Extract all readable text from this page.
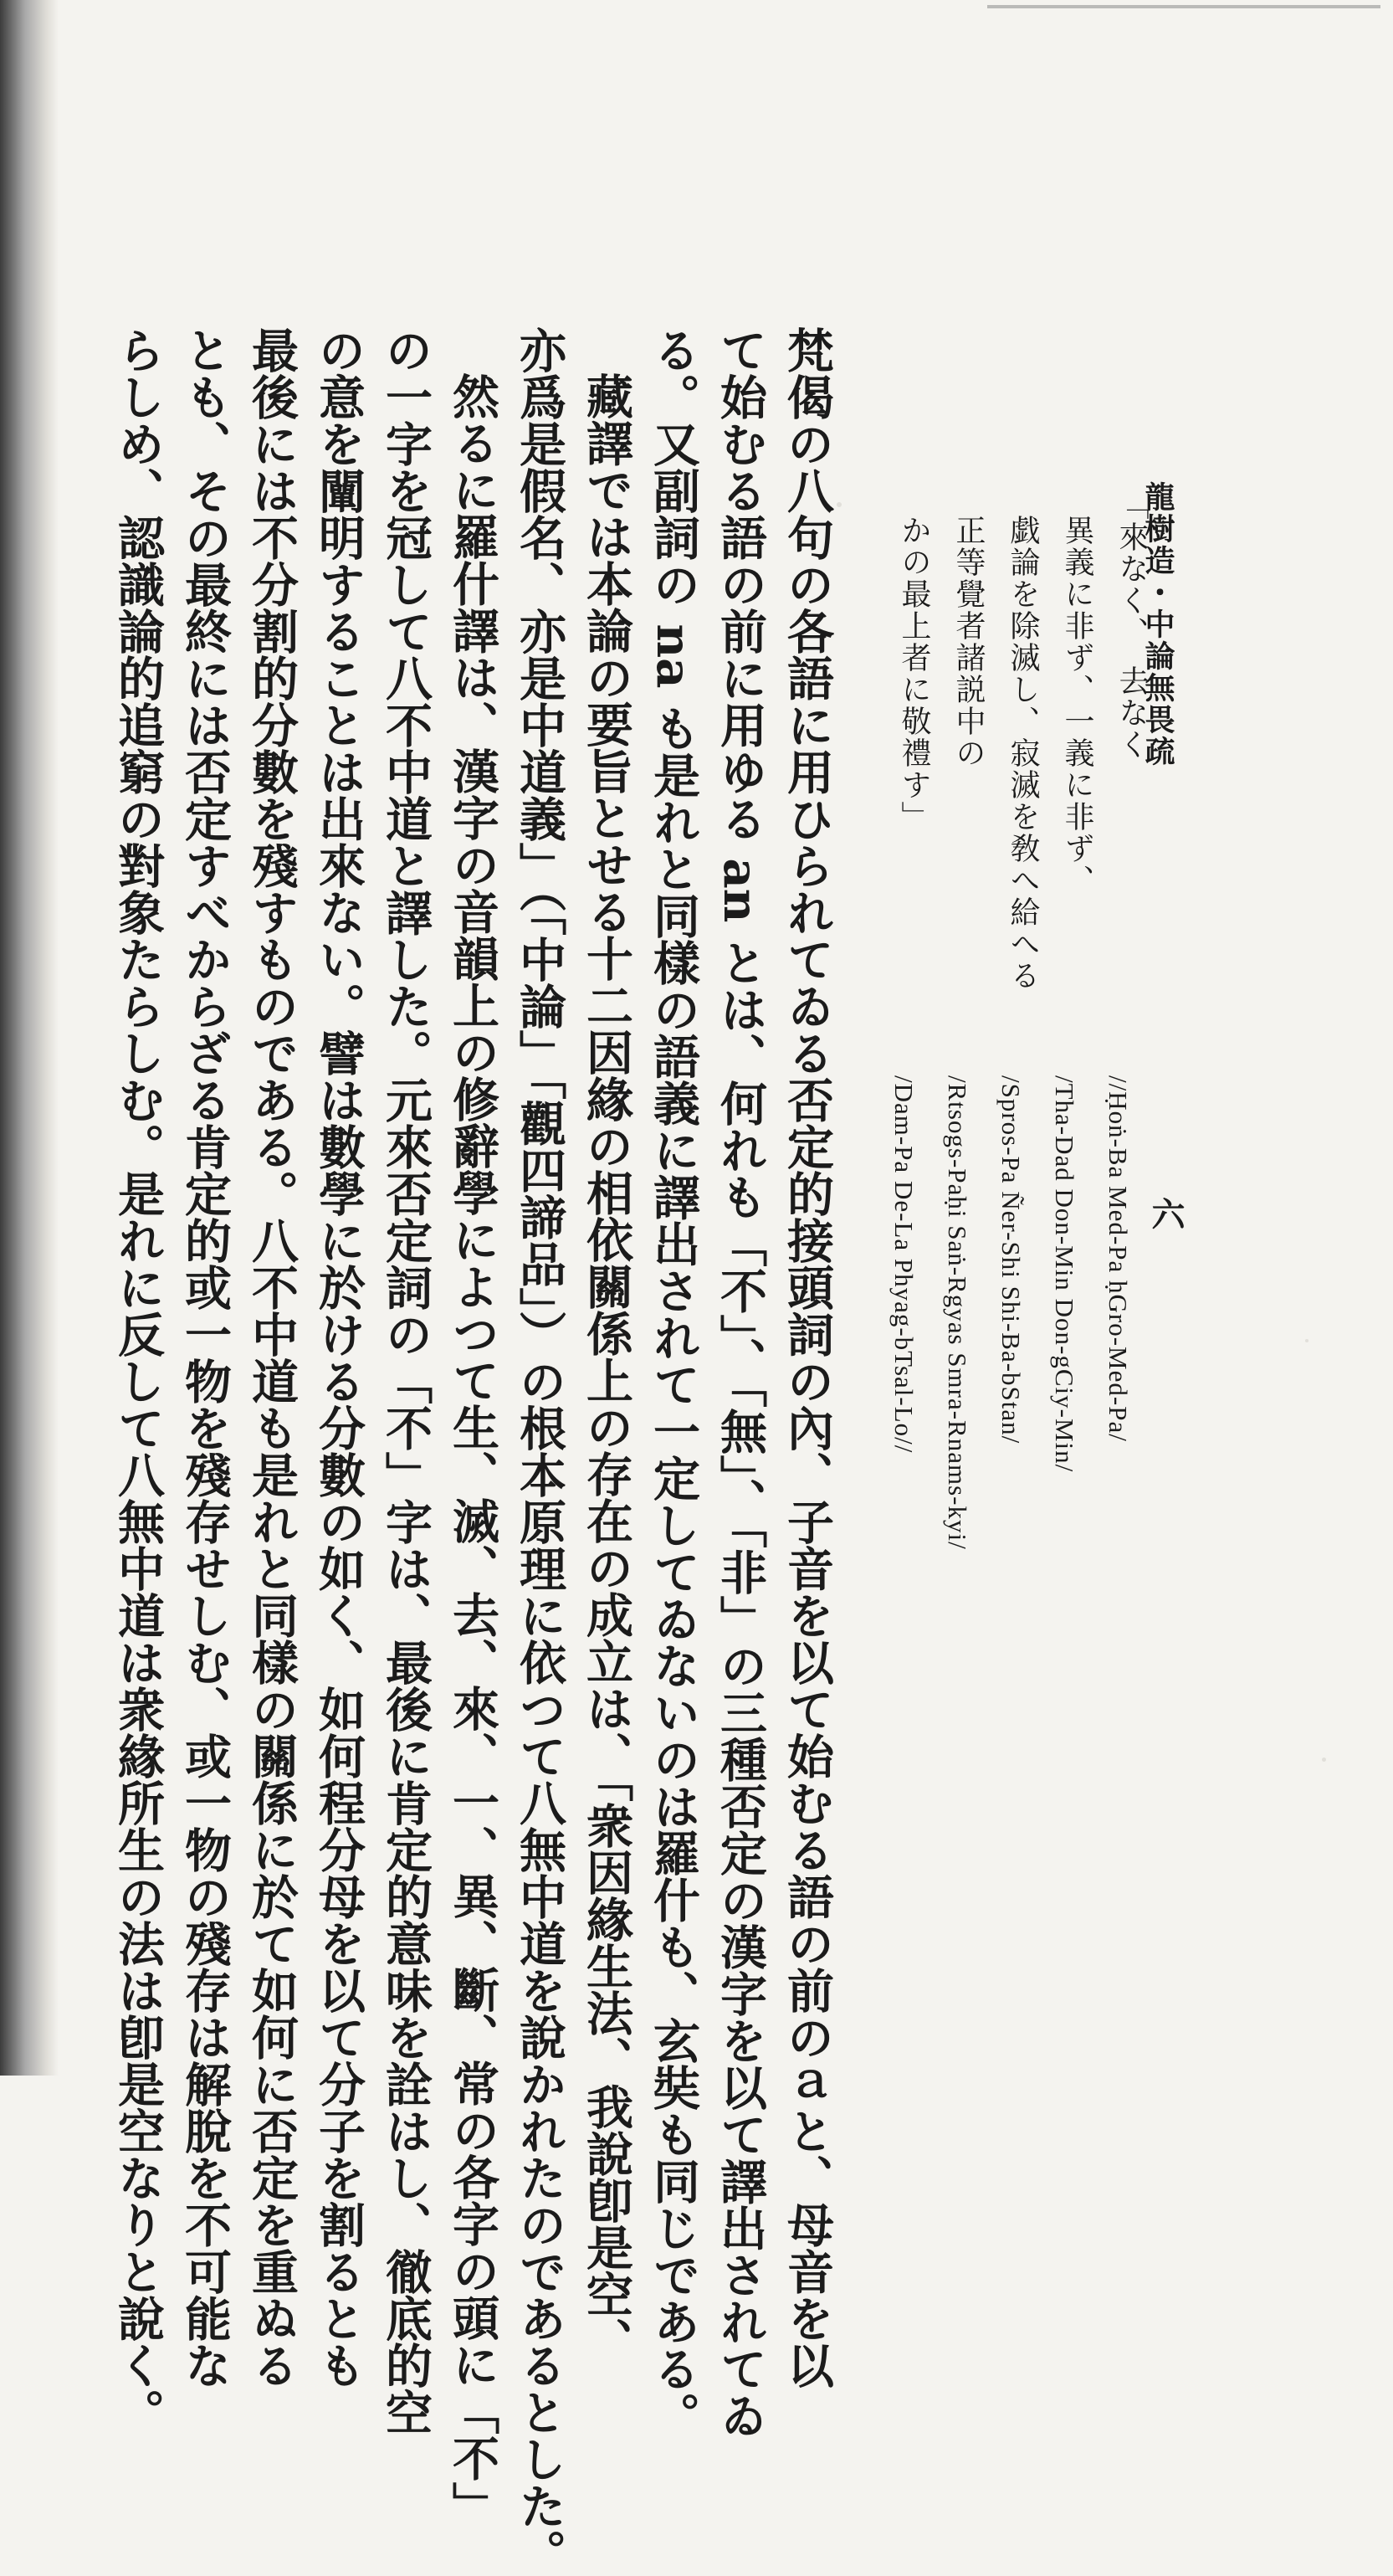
龍樹造・中論無畏疏
六
「來なく、　去なく
異義に非ず、一義に非ず、
戯論を除滅し、寂滅を敎へ給へる
正等覺者諸説中の
かの最上者に敬禮す」
//Ḥoṅ-Ba Med-Pa ḥGro-Med-Pa/
/Tha-Dad Don-Min Don-gCiy-Min/
/Spros-Pa Ñer-Shi Shi-Ba-bStan/
/Rtsogs-Paḥi Saṅ-Rgyas Smra-Rnams-kyi/
/Dam-Pa De-La Phyag-bTsal-Lo//
梵偈の八句の各語に用ひられてゐる否定的接頭詞の內、子音を以て始むる語の前のａと、母音を以
て始むる語の前に用ゆる an とは、何れも「不」、「無」、「非」の三種否定の漢字を以て譯出されてゐ
る。又副詞の na も是れと同樣の語義に譯出されて一定してゐないのは羅什も、玄奘も同じである。
藏譯では本論の要旨とせる十二因緣の相依關係上の存在の成立は、「衆因緣生法、我說卽是空、
亦爲是假名、亦是中道義」（「中論」「觀四諦品」）の根本原理に依つて八無中道を說かれたのであるとした。
然るに羅什譯は、漢字の音韻上の修辭學によつて生、滅、去、來、一、異、斷、常の各字の頭に「不」
の一字を冠して八不中道と譯した。元來否定詞の「不」字は、最後に肯定的意味を詮はし、徹底的空
の意を闡明することは出來ない。譬は數學に於ける分數の如く、如何程分母を以て分子を割るとも
最後には不分割的分數を殘すものである。八不中道も是れと同樣の關係に於て如何に否定を重ぬる
とも、その最終には否定すべからざる肯定的或一物を殘存せしむ、或一物の殘存は解脫を不可能な
らしめ、認識論的追窮の對象たらしむ。是れに反して八無中道は衆緣所生の法は卽是空なりと說く。
